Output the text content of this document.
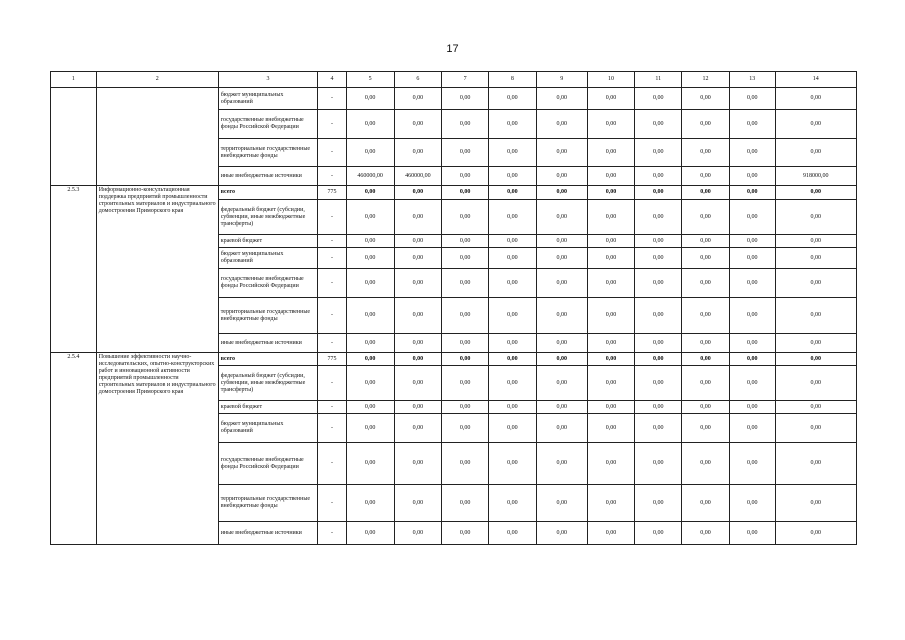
17
1	2	3	4	5	6	7	8	9	10	11	12	13	14
		бюджет муниципальных образований	-	0,00	0,00	0,00	0,00	0,00	0,00	0,00	0,00	0,00	0,00
		государственные внебюджетные фонды Российской Федерации	-	0,00	0,00	0,00	0,00	0,00	0,00	0,00	0,00	0,00	0,00
		территориальные государственные внебюджетные фонды	-	0,00	0,00	0,00	0,00	0,00	0,00	0,00	0,00	0,00	0,00
		иные внебюджетные источники	-	460000,00	460000,00	0,00	0,00	0,00	0,00	0,00	0,00	0,00	918000,00
2.5.3	Информационно-консультационная поддержка предприятий промышленности строительных материалов и индустриального домостроения Приморского края	всего	775	0,00	0,00	0,00	0,00	0,00	0,00	0,00	0,00	0,00	0,00
		федеральный бюджет (субсидии, субвенции, иные межбюджетные трансферты)	-	0,00	0,00	0,00	0,00	0,00	0,00	0,00	0,00	0,00	0,00
		краевой бюджет	-	0,00	0,00	0,00	0,00	0,00	0,00	0,00	0,00	0,00	0,00
		бюджет муниципальных образований	-	0,00	0,00	0,00	0,00	0,00	0,00	0,00	0,00	0,00	0,00
		государственные внебюджетные фонды Российской Федерации	-	0,00	0,00	0,00	0,00	0,00	0,00	0,00	0,00	0,00	0,00
		территориальные государственные внебюджетные фонды	-	0,00	0,00	0,00	0,00	0,00	0,00	0,00	0,00	0,00	0,00
		иные внебюджетные источники	-	0,00	0,00	0,00	0,00	0,00	0,00	0,00	0,00	0,00	0,00
2.5.4	Повышение эффективности научно-исследовательских, опытно-конструкторских работ и инновационной активности предприятий промышленности строительных материалов и индустриального домостроения Приморского края	всего	775	0,00	0,00	0,00	0,00	0,00	0,00	0,00	0,00	0,00	0,00
		федеральный бюджет (субсидии, субвенции, иные межбюджетные трансферты)	-	0,00	0,00	0,00	0,00	0,00	0,00	0,00	0,00	0,00	0,00
		краевой бюджет	-	0,00	0,00	0,00	0,00	0,00	0,00	0,00	0,00	0,00	0,00
		бюджет муниципальных образований	-	0,00	0,00	0,00	0,00	0,00	0,00	0,00	0,00	0,00	0,00
		государственные внебюджетные фонды Российской Федерации	-	0,00	0,00	0,00	0,00	0,00	0,00	0,00	0,00	0,00	0,00
		территориальные государственные внебюджетные фонды	-	0,00	0,00	0,00	0,00	0,00	0,00	0,00	0,00	0,00	0,00
		иные внебюджетные источники	-	0,00	0,00	0,00	0,00	0,00	0,00	0,00	0,00	0,00	0,00
